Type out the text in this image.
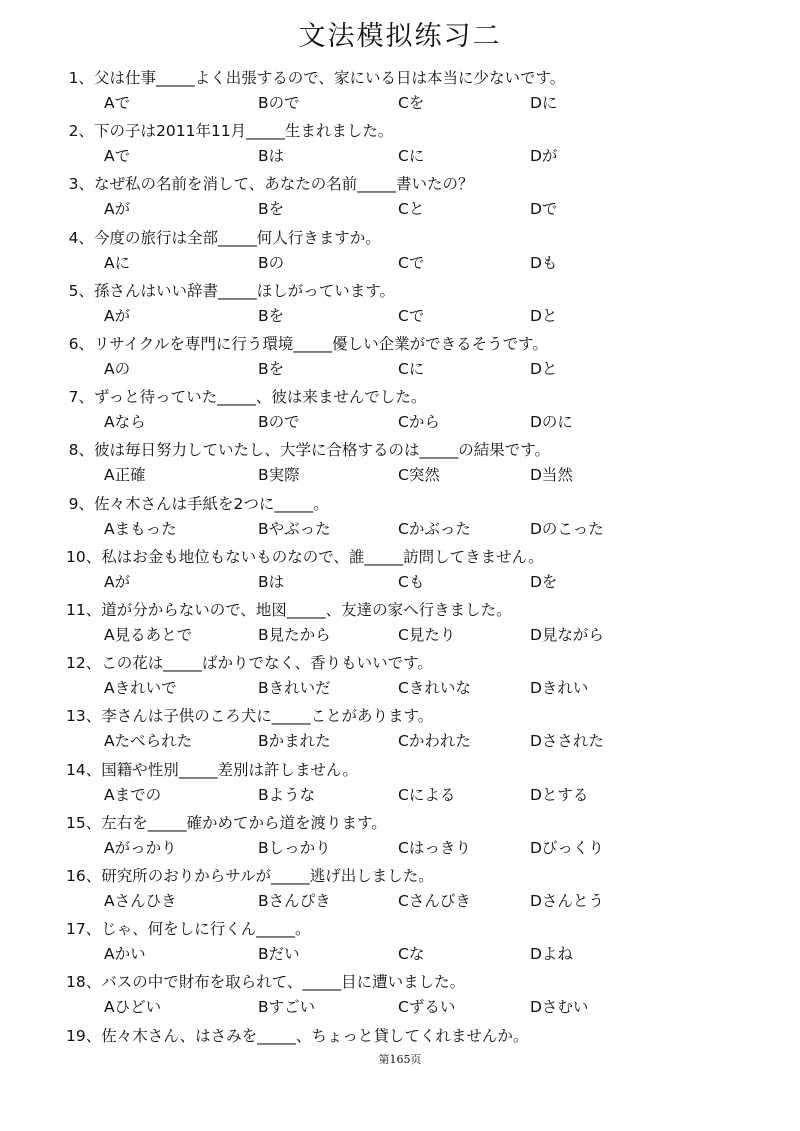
文法模拟练习二
1、父は仕事_____よく出張するので、家にいる日は本当に少ないです。
Aで	Bので	Cを	Dに
2、下の子は2011年11月_____生まれました。
Aで	Bは	Cに	Dが
3、なぜ私の名前を消して、あなたの名前_____書いたの？
Aが	Bを	Cと	Dで
4、今度の旅行は全部_____何人行きますか。
Aに	Bの	Cで	Dも
5、孫さんはいい辞書_____ほしがっています。
Aが	Bを	Cで	Dと
6、リサイクルを専門に行う環境_____優しい企業ができるそうです。
Aの	Bを	Cに	Dと
7、ずっと待っていた_____、彼は来ませんでした。
Aなら	Bので	Cから	Dのに
8、彼は毎日努力していたし、大学に合格するのは_____の結果です。
A正確	B実際	C突然	D当然
9、佐々木さんは手紙を2つに_____。
Aまもった	Bやぶった	Cかぶった	Dのこった
10、私はお金も地位もないものなので、誰_____訪問してきません。
Aが	Bは	Cも	Dを
11、道が分からないので、地図_____、友達の家へ行きました。
A見るあとで	B見たから	C見たり	D見ながら
12、この花は_____ばかりでなく、香りもいいです。
Aきれいで	Bきれいだ	Cきれいな	Dきれい
13、李さんは子供のころ犬に_____ことがあります。
Aたべられた	Bかまれた	Cかわれた	Dさされた
14、国籍や性別_____差別は許しません。
Aまでの	Bような	Cによる	Dとする
15、左右を_____確かめてから道を渡ります。
Aがっかり	Bしっかり	Cはっきり	Dびっくり
16、研究所のおりからサルが_____逃げ出しました。
Aさんひき	Bさんぴき	Cさんびき	Dさんとう
17、じゃ、何をしに行くん_____。
Aかい	Bだい	Cな	Dよね
18、バスの中で財布を取られて、_____目に遭いました。
Aひどい	Bすごい	Cずるい	Dさむい
19、佐々木さん、はさみを_____、ちょっと貸してくれませんか。
第165页
